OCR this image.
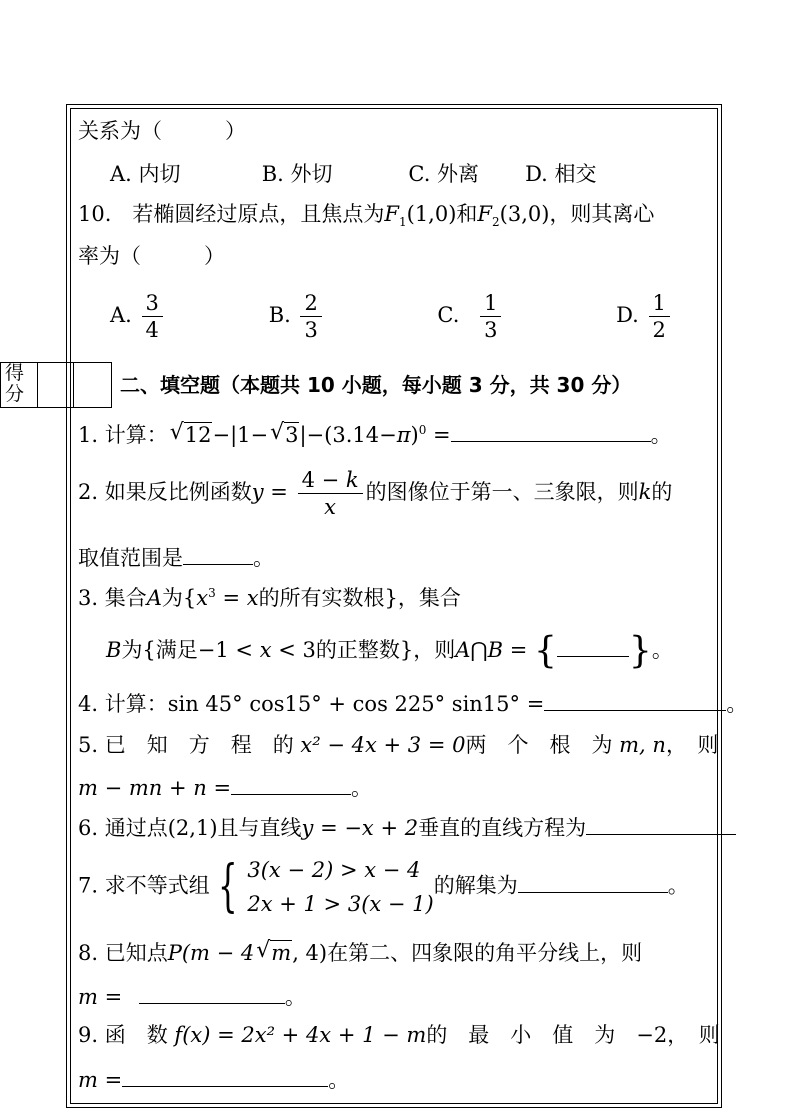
关系为（　　　）
A. 内切	B. 外切	C. 外离 D. 相交
10.　若椭圆经过原点，且焦点为$F_1(1,0)$和$F_2(3,0)$，则其离心
率为（　　　）
A. $\frac{3}{4}$	B. $\frac{2}{3}$	C. $\frac{1}{3}$	D. $\frac{1}{2}$
得分	二、填空题（本题共 10 小题，每小题 3 分，共 30 分）
1. 计算： √ 12−|1− √ $3|-(3.14-\pi)^0$ =	。
2. 如果反比例函数$y = \frac{4 - k}{x}$ 的图像位于第一、三象限，则k的
取值范围是	。
3. 集合A为{$x^3 = x$的所有实数根}，集合
B为{满足−1 < x < 3的正整数}，则A⋂B = { }。
4. 计算：sin 45° cos15° + cos 225° sin15° =	。
5. 已　知　方　程　的 x² − 4x + 3 = 0两　个　根　为 m, n，　则
m − mn + n =	。
6. 通过点(2,1)且与直线y = −x + 2垂直的直线方程为
7. 求不等式组 { 3(x − 2) > x − 4
2x + 1 > 3(x − 1)
的解集为	。
8. 已知点P(m − 4 √ m, 4)在第二、四象限的角平分线上，则
m =	。
9. 函　数 f(x) = 2x² + 4x + 1 − m的　最　小　值　为　−2，　则
m =	。
